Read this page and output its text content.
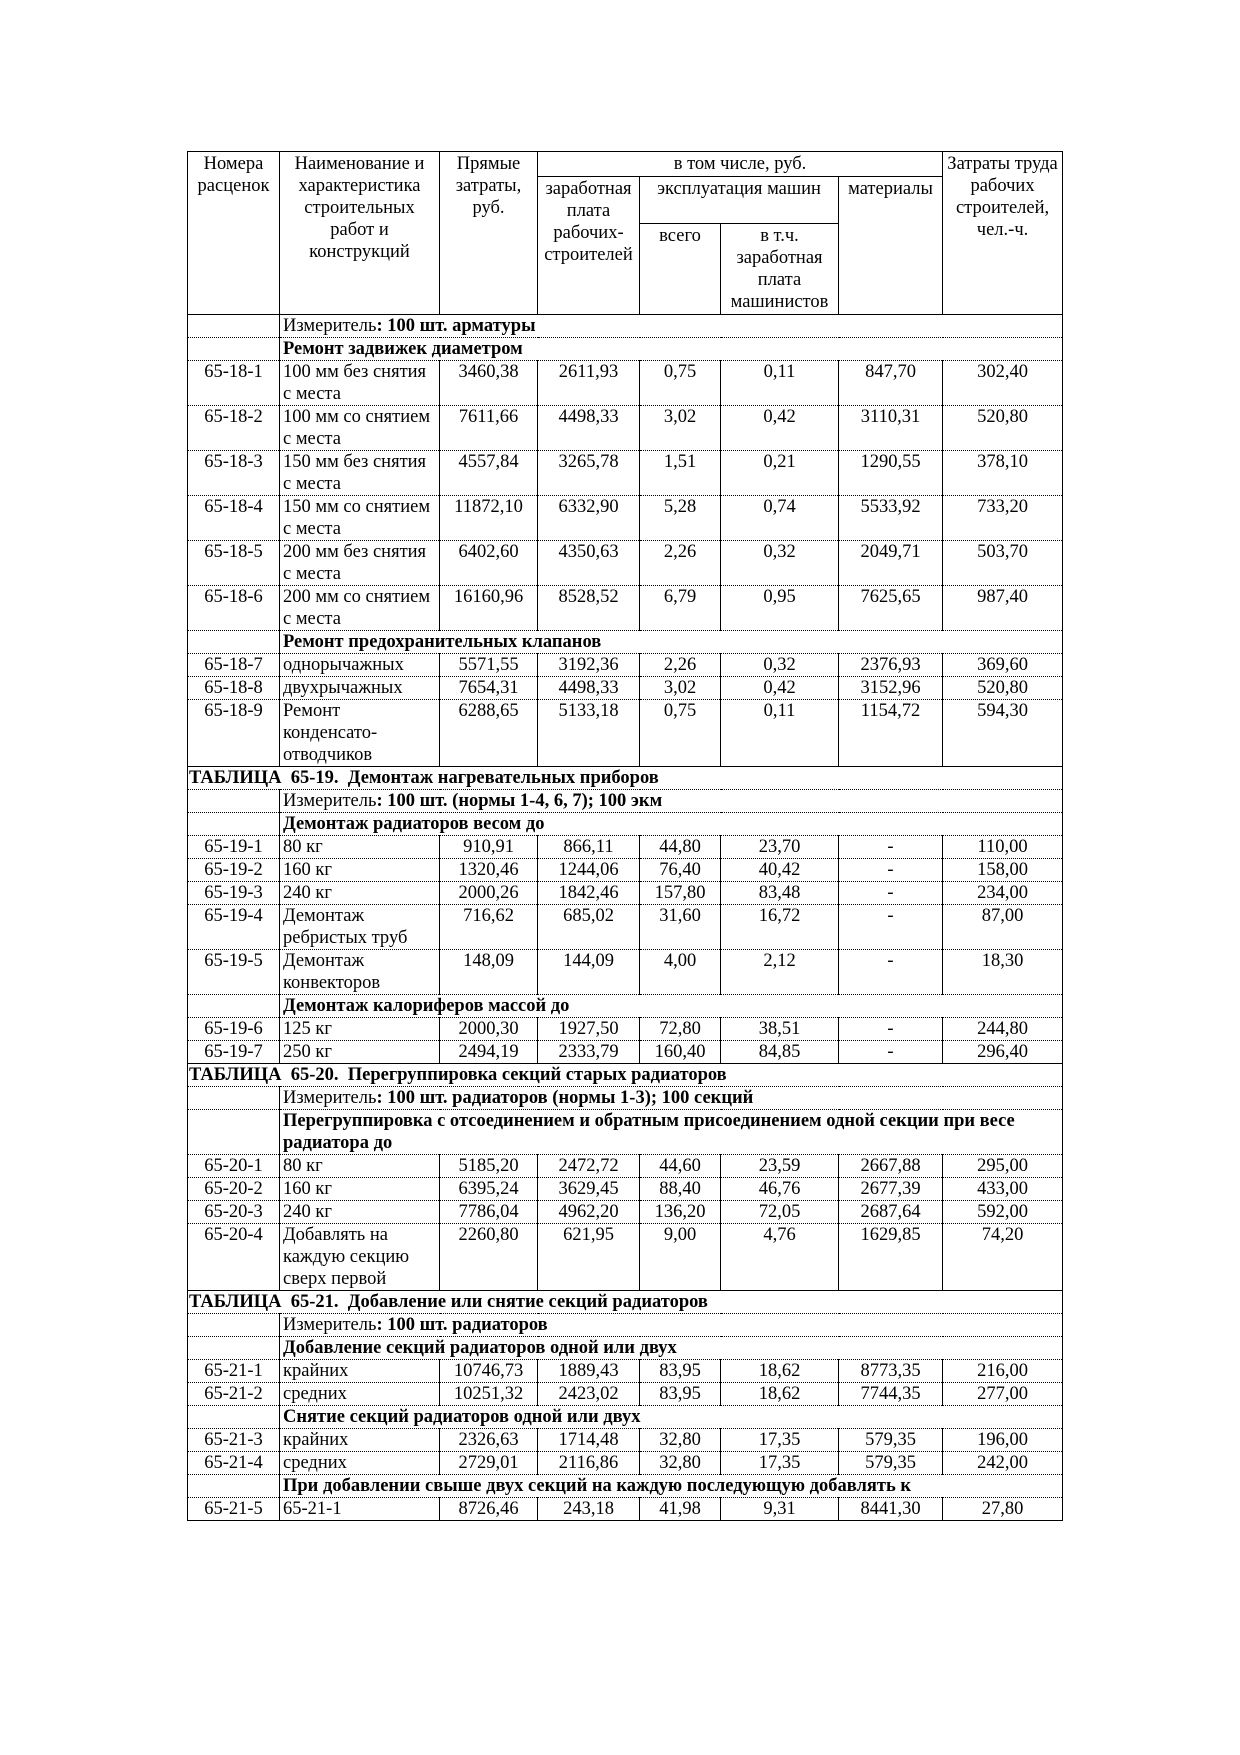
Номера расценок	Наименование и характеристика строительных работ и конструкций	Прямые затраты, руб.	в том числе, руб.				Затраты труда рабочих строителей, чел.-ч.
			заработная плата рабочих-строителей	эксплуатация машин		материалы	
				всего	в т.ч. заработная плата машинистов		
	Измеритель: 100 шт. арматуры						
	Ремонт задвижек диаметром						
65-18-1	100 мм без снятия с места	3460,38	2611,93	0,75	0,11	847,70	302,40
65-18-2	100 мм со снятием с места	7611,66	4498,33	3,02	0,42	3110,31	520,80
65-18-3	150 мм без снятия с места	4557,84	3265,78	1,51	0,21	1290,55	378,10
65-18-4	150 мм со снятием с места	11872,10	6332,90	5,28	0,74	5533,92	733,20
65-18-5	200 мм без снятия с места	6402,60	4350,63	2,26	0,32	2049,71	503,70
65-18-6	200 мм со снятием с места	16160,96	8528,52	6,79	0,95	7625,65	987,40
	Ремонт предохранительных клапанов						
65-18-7	однорычажных	5571,55	3192,36	2,26	0,32	2376,93	369,60
65-18-8	двухрычажных	7654,31	4498,33	3,02	0,42	3152,96	520,80
65-18-9	Ремонт конденсато-отводчиков	6288,65	5133,18	0,75	0,11	1154,72	594,30
ТАБЛИЦА  65-19.  Демонтаж нагревательных приборов							
	Измеритель: 100 шт. (нормы 1-4, 6, 7); 100 экм						
	Демонтаж радиаторов весом до						
65-19-1	80 кг	910,91	866,11	44,80	23,70	-	110,00
65-19-2	160 кг	1320,46	1244,06	76,40	40,42	-	158,00
65-19-3	240 кг	2000,26	1842,46	157,80	83,48	-	234,00
65-19-4	Демонтаж ребристых труб	716,62	685,02	31,60	16,72	-	87,00
65-19-5	Демонтаж конвекторов	148,09	144,09	4,00	2,12	-	18,30
	Демонтаж калориферов массой до						
65-19-6	125 кг	2000,30	1927,50	72,80	38,51	-	244,80
65-19-7	250 кг	2494,19	2333,79	160,40	84,85	-	296,40
ТАБЛИЦА  65-20.  Перегруппировка секций старых радиаторов							
	Измеритель: 100 шт. радиаторов (нормы 1-3); 100 секций						
	Перегруппировка с отсоединением и обратным присоединением одной секции при весе радиатора до						
65-20-1	80 кг	5185,20	2472,72	44,60	23,59	2667,88	295,00
65-20-2	160 кг	6395,24	3629,45	88,40	46,76	2677,39	433,00
65-20-3	240 кг	7786,04	4962,20	136,20	72,05	2687,64	592,00
65-20-4	Добавлять на каждую секцию сверх первой	2260,80	621,95	9,00	4,76	1629,85	74,20
ТАБЛИЦА  65-21.  Добавление или снятие секций радиаторов							
	Измеритель: 100 шт. радиаторов						
	Добавление секций радиаторов одной или двух						
65-21-1	крайних	10746,73	1889,43	83,95	18,62	8773,35	216,00
65-21-2	средних	10251,32	2423,02	83,95	18,62	7744,35	277,00
	Снятие секций радиаторов одной или двух						
65-21-3	крайних	2326,63	1714,48	32,80	17,35	579,35	196,00
65-21-4	средних	2729,01	2116,86	32,80	17,35	579,35	242,00
	При добавлении свыше двух секций на каждую последующую добавлять к						
65-21-5	65-21-1	8726,46	243,18	41,98	9,31	8441,30	27,80
